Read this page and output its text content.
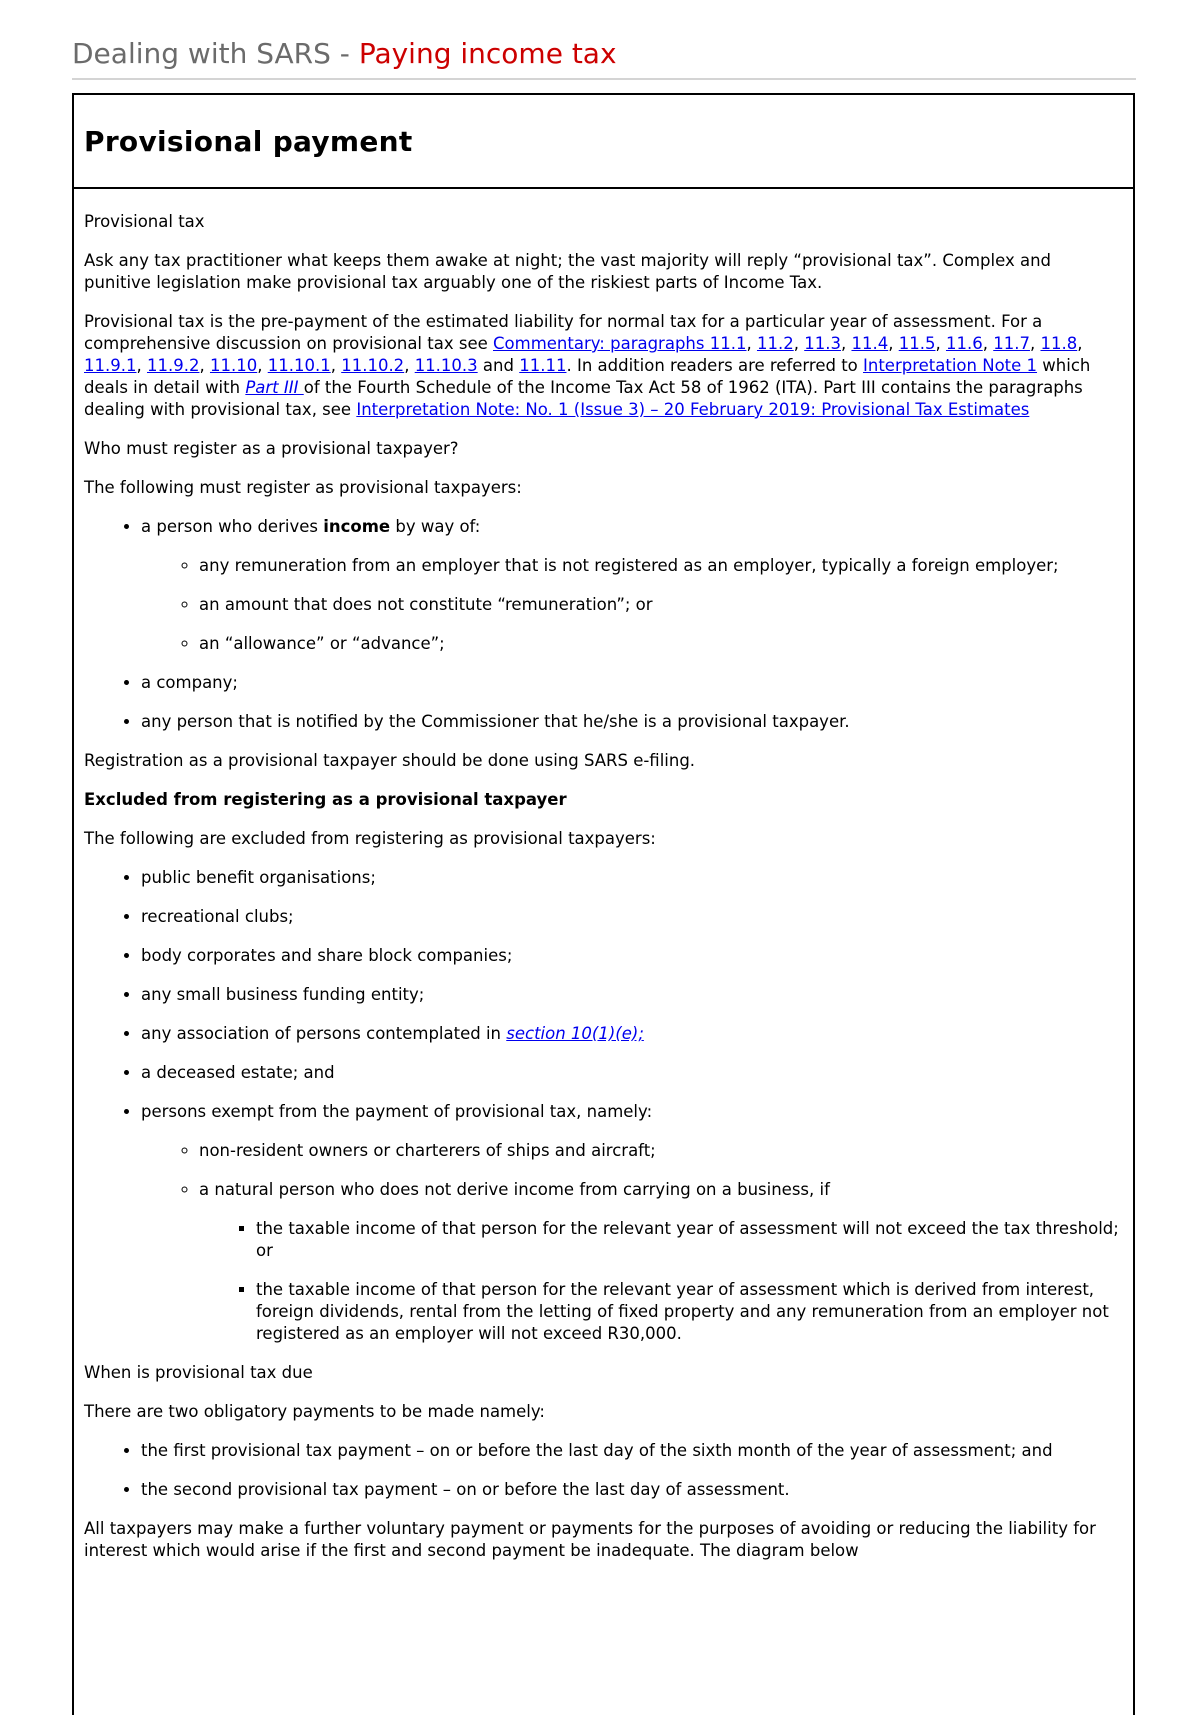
Dealing with SARS - Paying income tax
Provisional payment

Provisional tax

Ask any tax practitioner what keeps them awake at night; the vast majority will reply “provisional tax”. Complex and punitive legislation make provisional tax arguably one of the riskiest parts of Income Tax.

Provisional tax is the pre-payment of the estimated liability for normal tax for a particular year of assessment. For a comprehensive discussion on provisional tax see Commentary: paragraphs 11.1, 11.2, 11.3, 11.4, 11.5, 11.6, 11.7, 11.8, 11.9.1, 11.9.2, 11.10, 11.10.1, 11.10.2, 11.10.3 and 11.11. In addition readers are referred to Interpretation Note 1 which deals in detail with Part III of the Fourth Schedule of the Income Tax Act 58 of 1962 (ITA). Part III contains the paragraphs dealing with provisional tax, see Interpretation Note: No. 1 (Issue 3) – 20 February 2019: Provisional Tax Estimates

Who must register as a provisional taxpayer?

The following must register as provisional taxpayers:

• a person who derives income by way of:
◦ any remuneration from an employer that is not registered as an employer, typically a foreign employer;
◦ an amount that does not constitute “remuneration”; or
◦ an “allowance” or “advance”;
• a company;
• any person that is notified by the Commissioner that he/she is a provisional taxpayer.

Registration as a provisional taxpayer should be done using SARS e-filing.

Excluded from registering as a provisional taxpayer

The following are excluded from registering as provisional taxpayers:

• public benefit organisations;
• recreational clubs;
• body corporates and share block companies;
• any small business funding entity;
• any association of persons contemplated in section 10(1)(e);
• a deceased estate; and
• persons exempt from the payment of provisional tax, namely:
◦ non-resident owners or charterers of ships and aircraft;
◦ a natural person who does not derive income from carrying on a business, if
▪ the taxable income of that person for the relevant year of assessment will not exceed the tax threshold; or
▪ the taxable income of that person for the relevant year of assessment which is derived from interest, foreign dividends, rental from the letting of fixed property and any remuneration from an employer not registered as an employer will not exceed R30,000.

When is provisional tax due

There are two obligatory payments to be made namely:

• the first provisional tax payment – on or before the last day of the sixth month of the year of assessment; and
• the second provisional tax payment – on or before the last day of assessment.

All taxpayers may make a further voluntary payment or payments for the purposes of avoiding or reducing the liability for interest which would arise if the first and second payment be inadequate. The diagram below
